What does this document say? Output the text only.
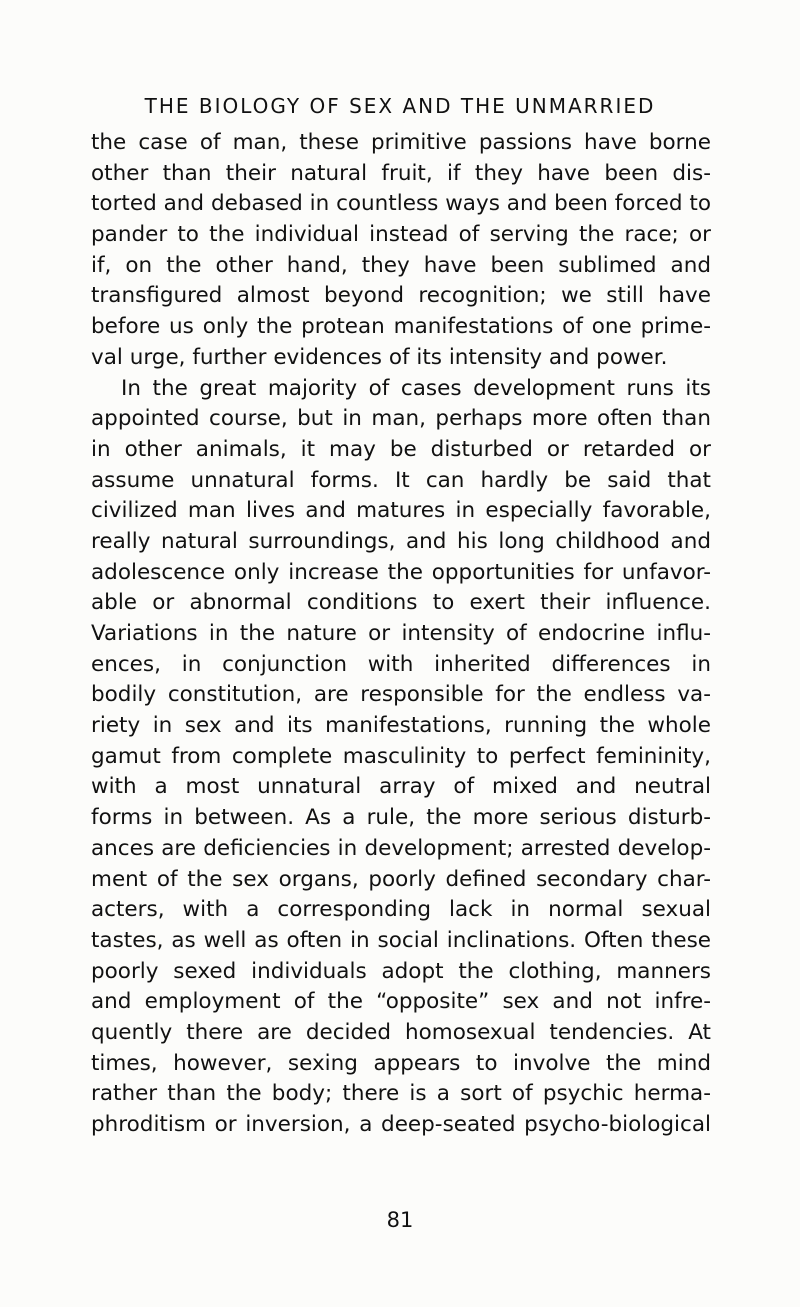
THE BIOLOGY OF SEX AND THE UNMARRIED
the case of man, these primitive passions have borne
other than their natural fruit, if they have been dis-
torted and debased in countless ways and been forced to
pander to the individual instead of serving the race; or
if, on the other hand, they have been sublimed and
transfigured almost beyond recognition; we still have
before us only the protean manifestations of one prime-
val urge, further evidences of its intensity and power.
In the great majority of cases development runs its
appointed course, but in man, perhaps more often than
in other animals, it may be disturbed or retarded or
assume unnatural forms. It can hardly be said that
civilized man lives and matures in especially favorable,
really natural surroundings, and his long childhood and
adolescence only increase the opportunities for unfavor-
able or abnormal conditions to exert their influence.
Variations in the nature or intensity of endocrine influ-
ences, in conjunction with inherited differences in
bodily constitution, are responsible for the endless va-
riety in sex and its manifestations, running the whole
gamut from complete masculinity to perfect femininity,
with a most unnatural array of mixed and neutral
forms in between. As a rule, the more serious disturb-
ances are deficiencies in development; arrested develop-
ment of the sex organs, poorly defined secondary char-
acters, with a corresponding lack in normal sexual
tastes, as well as often in social inclinations. Often these
poorly sexed individuals adopt the clothing, manners
and employment of the “opposite” sex and not infre-
quently there are decided homosexual tendencies. At
times, however, sexing appears to involve the mind
rather than the body; there is a sort of psychic herma-
phroditism or inversion, a deep-seated psycho-biological
81
